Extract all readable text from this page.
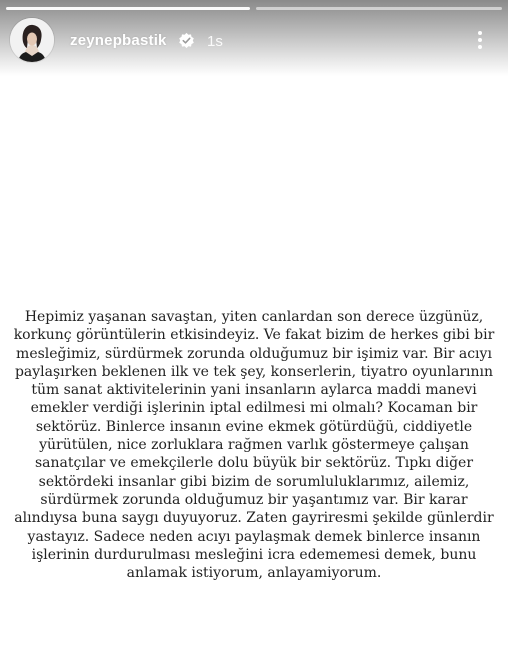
zeynepbastik	1s
Hepimiz yaşanan savaştan, yiten canlardan son derece üzgünüz,
korkunç görüntülerin etkisindeyiz. Ve fakat bizim de herkes gibi bir
mesleğimiz, sürdürmek zorunda olduğumuz bir işimiz var. Bir acıyı
paylaşırken beklenen ilk ve tek şey, konserlerin, tiyatro oyunlarının
tüm sanat aktivitelerinin yani insanların aylarca maddi manevi
emekler verdiği işlerinin iptal edilmesi mi olmalı? Kocaman bir
sektörüz. Binlerce insanın evine ekmek götürdüğü, ciddiyetle
yürütülen, nice zorluklara rağmen varlık göstermeye çalışan
sanatçılar ve emekçilerle dolu büyük bir sektörüz. Tıpkı diğer
sektördeki insanlar gibi bizim de sorumluluklarımız, ailemiz,
sürdürmek zorunda olduğumuz bir yaşantımız var. Bir karar
alındıysa buna saygı duyuyoruz. Zaten gayriresmi şekilde günlerdir
yastayız. Sadece neden acıyı paylaşmak demek binlerce insanın
işlerinin durdurulması mesleğini icra edememesi demek, bunu
anlamak istiyorum, anlayamiyorum.
